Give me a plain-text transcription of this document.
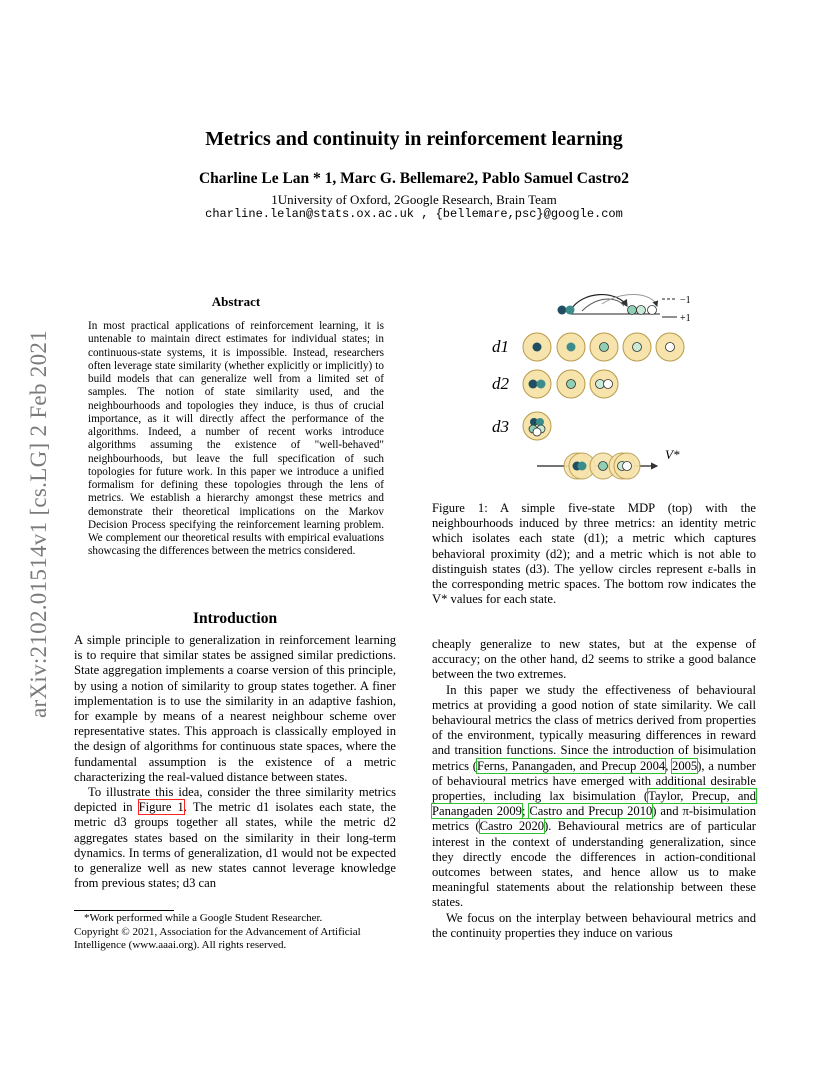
arXiv:2102.01514v1 [cs.LG] 2 Feb 2021
Metrics and continuity in reinforcement learning
Charline Le Lan * 1, Marc G. Bellemare2, Pablo Samuel Castro2
1University of Oxford, 2Google Research, Brain Team
charline.lelan@stats.ox.ac.uk , {bellemare,psc}@google.com
Abstract
In most practical applications of reinforcement learning, it is untenable to maintain direct estimates for individual states; in continuous-state systems, it is impossible. Instead, researchers often leverage state similarity (whether explicitly or implicitly) to build models that can generalize well from a limited set of samples. The notion of state similarity used, and the neighbourhoods and topologies they induce, is thus of crucial importance, as it will directly affect the performance of the algorithms. Indeed, a number of recent works introduce algorithms assuming the existence of "well-behaved" neighbourhoods, but leave the full specification of such topologies for future work. In this paper we introduce a unified formalism for defining these topologies through the lens of metrics. We establish a hierarchy amongst these metrics and demonstrate their theoretical implications on the Markov Decision Process specifying the reinforcement learning problem. We complement our theoretical results with empirical evaluations showcasing the differences between the metrics considered.
Introduction

A simple principle to generalization in reinforcement learning is to require that similar states be assigned similar predictions. State aggregation implements a coarse version of this principle, by using a notion of similarity to group states together. A finer implementation is to use the similarity in an adaptive fashion, for example by means of a nearest neighbour scheme over representative states. This approach is classically employed in the design of algorithms for continuous state spaces, where the fundamental assumption is the existence of a metric characterizing the real-valued distance between states.

To illustrate this idea, consider the three similarity metrics depicted in Figure 1. The metric d1 isolates each state, the metric d3 groups together all states, while the metric d2 aggregates states based on the similarity in their long-term dynamics. In terms of generalization, d1 would not be expected to generalize well as new states cannot leverage knowledge from previous states; d3 can

*Work performed while a Google Student Researcher.

Copyright © 2021, Association for the Advancement of Artificial Intelligence (www.aaai.org). All rights reserved.

−1
+1
d1
d2
d3
V*
Figure 1: A simple five-state MDP (top) with the neighbourhoods induced by three metrics: an identity metric which isolates each state (d1); a metric which captures behavioral proximity (d2); and a metric which is not able to distinguish states (d3). The yellow circles represent ε-balls in the corresponding metric spaces. The bottom row indicates the V* values for each state.

cheaply generalize to new states, but at the expense of accuracy; on the other hand, d2 seems to strike a good balance between the two extremes.

In this paper we study the effectiveness of behavioural metrics at providing a good notion of state similarity. We call behavioural metrics the class of metrics derived from properties of the environment, typically measuring differences in reward and transition functions. Since the introduction of bisimulation metrics (Ferns, Panangaden, and Precup 2004, 2005), a number of behavioural metrics have emerged with additional desirable properties, including lax bisimulation (Taylor, Precup, and Panangaden 2009; Castro and Precup 2010) and π-bisimulation metrics (Castro 2020). Behavioural metrics are of particular interest in the context of understanding generalization, since they directly encode the differences in action-conditional outcomes between states, and hence allow us to make meaningful statements about the relationship between these states.

We focus on the interplay between behavioural metrics and the continuity properties they induce on various
